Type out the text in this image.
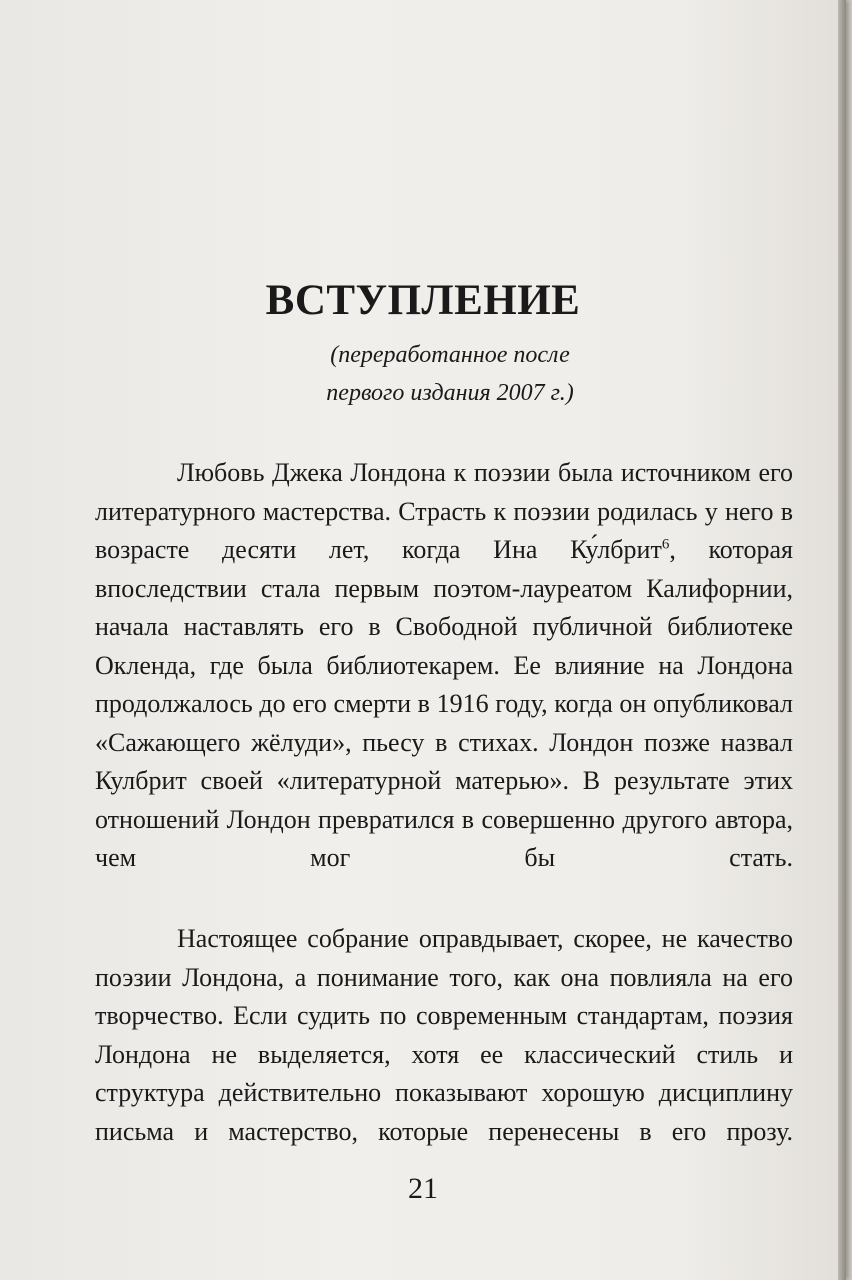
ВСТУПЛЕНИЕ
(переработанное после
первого издания 2007 г.)

Любовь Джека Лондона к поэзии была источником его литературного мастерства. Страсть к поэзии родилась у него в возрасте десяти лет, когда Ина Ку́лбрит$^6$, которая впоследствии стала первым поэтом-лауреатом Калифорнии, начала наставлять его в Свободной публичной библиотеке Окленда, где была библиотекарем. Ее влияние на Лондона продолжалось до его смерти в 1916 году, когда он опубликовал «Сажающего жёлуди», пьесу в стихах. Лондон позже назвал Кулбрит своей «литературной матерью». В результате этих отношений Лондон превратился в совершенно другого автора, чем мог бы стать.

Настоящее собрание оправдывает, скорее, не качество поэзии Лондона, а понимание того, как она повлияла на его творчество. Если судить по современным стандартам, поэзия Лондона не выделяется, хотя ее классический стиль и структура действительно показывают хорошую дисциплину письма и мастерство, которые перенесены в его прозу.

21
